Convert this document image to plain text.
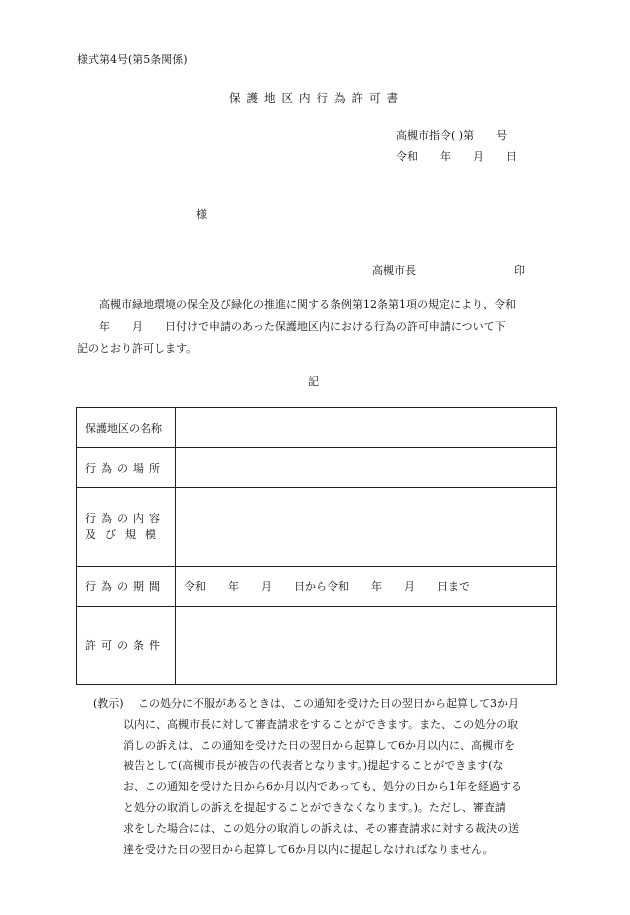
様式第4号(第5条関係)
保護地区内行為許可書
高槻市指令( )第　　号
令和　　年　　月　　日
様
高槻市長	印
　　高槻市緑地環境の保全及び緑化の推進に関する条例第12条第1項の規定により、令和
　　年　　月　　日付けで申請のあった保護地区内における行為の許可申請について下
記のとおり許可します。
記
保護地区の名称	
行為の場所	

行為の内容
及び規模	

行為の期間	令和　　年　　月　　日から令和　　年　　月　　日まで
許可の条件	
(教示) この処分に不服があるときは、この通知を受けた日の翌日から起算して3か月
以内に、高槻市長に対して審査請求をすることができます。また、この処分の取
消しの訴えは、この通知を受けた日の翌日から起算して6か月以内に、高槻市を
被告として(高槻市長が被告の代表者となります。)提起することができます(な
お、この通知を受けた日から6か月以内であっても、処分の日から1年を経過する
と処分の取消しの訴えを提起することができなくなります。)。ただし、審査請
求をした場合には、この処分の取消しの訴えは、その審査請求に対する裁決の送
達を受けた日の翌日から起算して6か月以内に提起しなければなりません。
